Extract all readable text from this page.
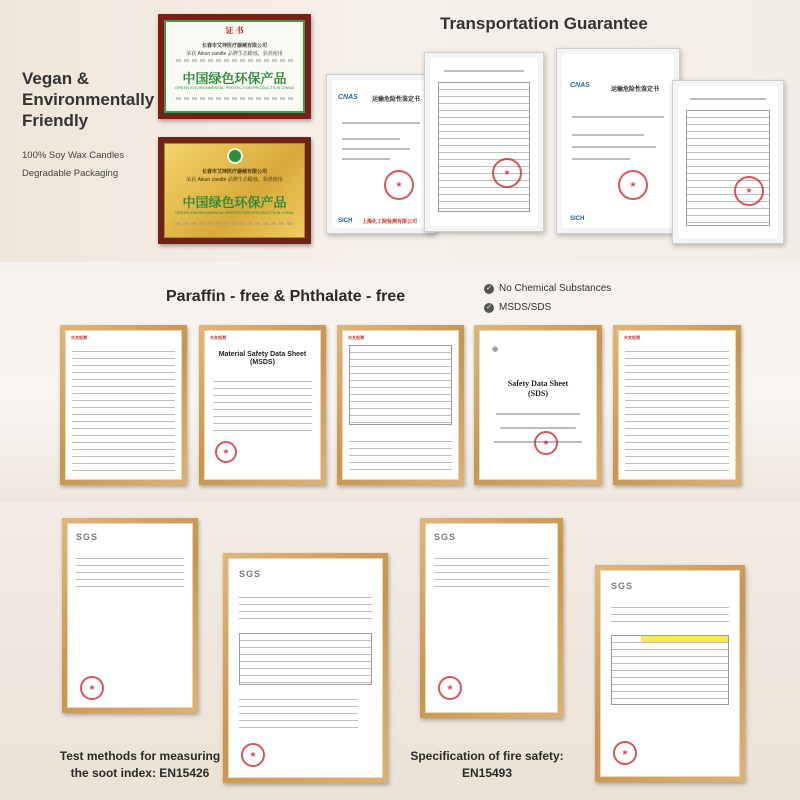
Vegan & Environmentally Friendly
100% Soy Wax Candles
Degradable Packaging
Transportation Guarantee
证 书
长春市艾坤医疗器械有限公司
荣获 Aikun candle 品牌生态蜡烛，获准使用
中国绿色环保产品
GREEN ENVIRONMENTAL PROTECTION PRODUCTS IN CHINA
长春市艾坤医疗器械有限公司
荣获 Aikun candle 品牌生态蜡烛，获准使用
中国绿色环保产品
GREEN ENVIRONMENTAL PROTECTION PRODUCTS IN CHINA
CNAS	运输危险性鉴定书
★
SICH 上海化工院检测有限公司
★
CNAS
运输危险性鉴定书
★
SICH
★
Paraffin - free & Phthalate - free	✓ No Chemical Substances
✓ MSDS/SDS
央友检测	央友检测
Material Safety Data Sheet
(MSDS)
★
央友检测
◉
Safety Data Sheet
(SDS)
★
央友检测
SGS
★
SGS
★
SGS
★
SGS
★
Test methods for measuring
the soot index: EN15426
Specification of fire safety:
EN15493
